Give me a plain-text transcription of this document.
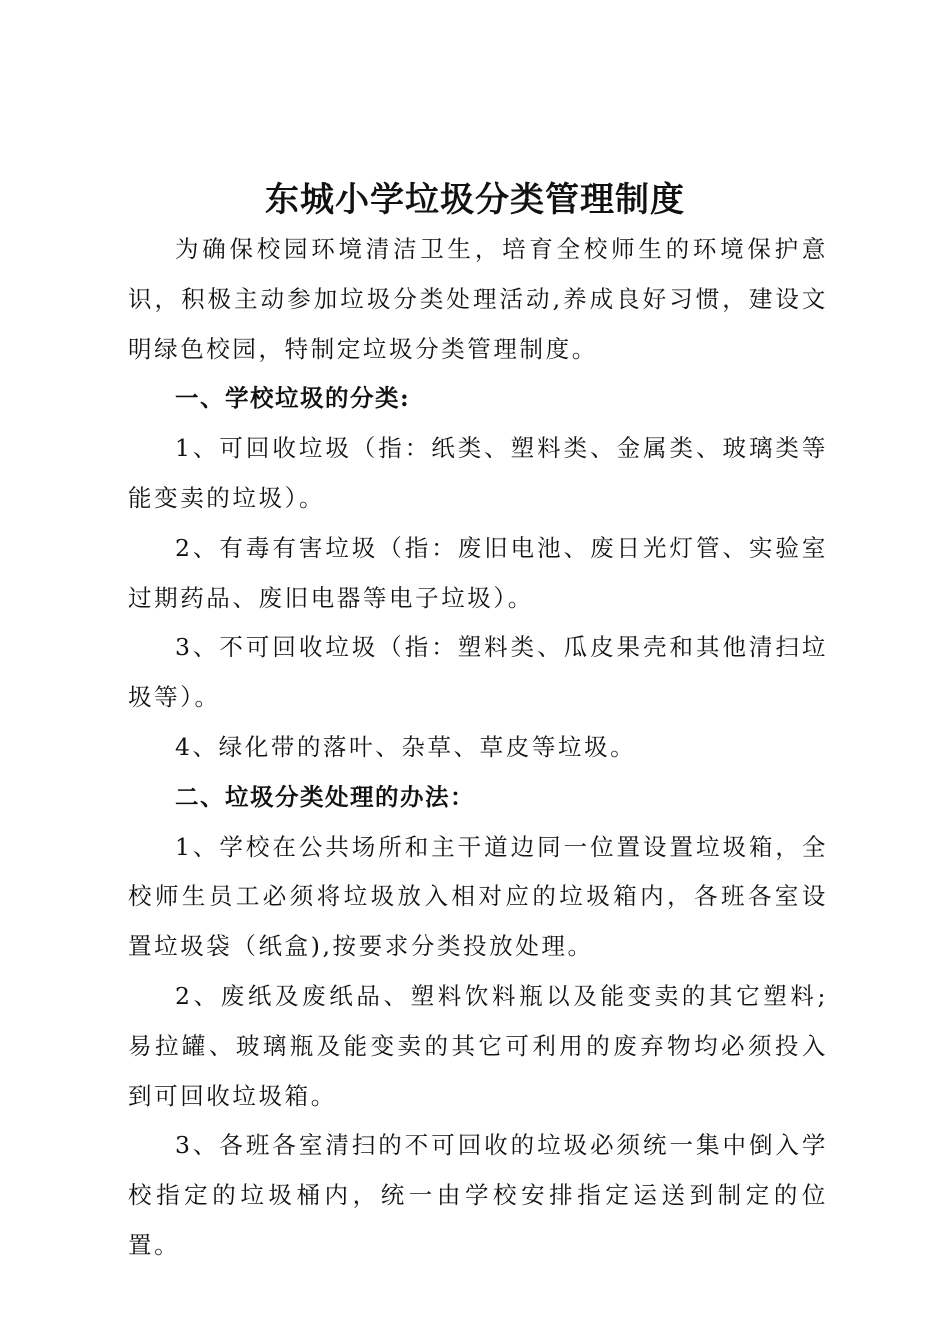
东城小学垃圾分类管理制度

为确保校园环境清洁卫生，培育全校师生的环境保护意识，积极主动参加垃圾分类处理活动,养成良好习惯，建设文明绿色校园，特制定垃圾分类管理制度。

一、学校垃圾的分类:

1、可回收垃圾（指：纸类、塑料类、金属类、玻璃类等能变卖的垃圾）。

2、有毒有害垃圾（指：废旧电池、废日光灯管、实验室过期药品、废旧电器等电子垃圾）。

3、不可回收垃圾（指：塑料类、瓜皮果壳和其他清扫垃圾等）。

4、绿化带的落叶、杂草、草皮等垃圾。

二、垃圾分类处理的办法：

1、学校在公共场所和主干道边同一位置设置垃圾箱，全校师生员工必须将垃圾放入相对应的垃圾箱内，各班各室设置垃圾袋（纸盒),按要求分类投放处理。

2、废纸及废纸品、塑料饮料瓶以及能变卖的其它塑料;易拉罐、玻璃瓶及能变卖的其它可利用的废弃物均必须投入到可回收垃圾箱。

3、各班各室清扫的不可回收的垃圾必须统一集中倒入学校指定的垃圾桶内，统一由学校安排指定运送到制定的位置。
